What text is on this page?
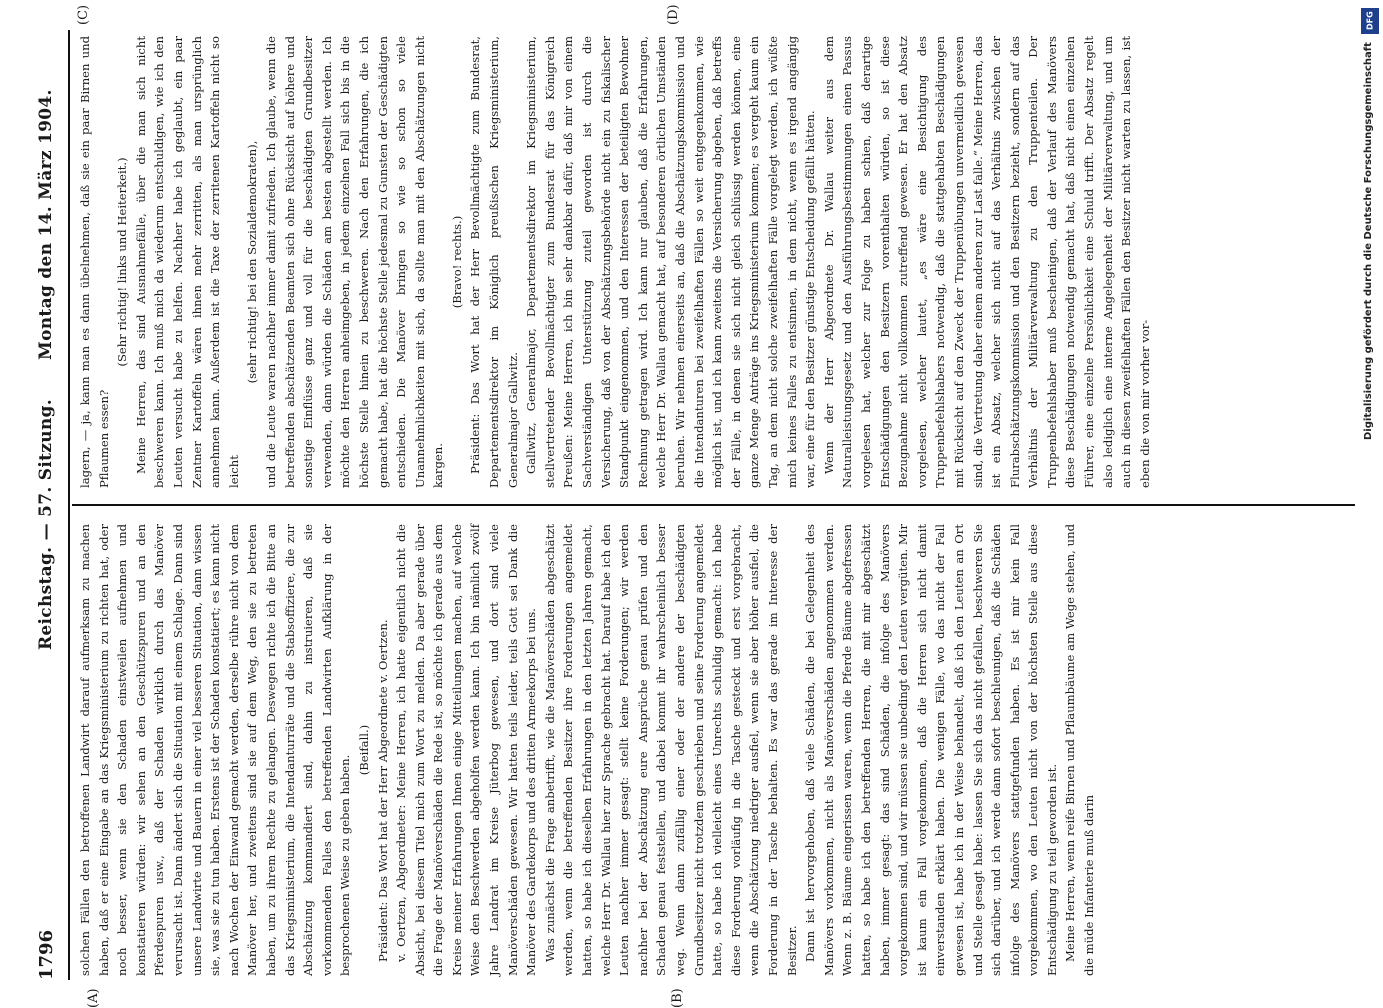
1796
Reichstag. — 57. Sitzung.
Montag den 14. März 1904.
(A)	(B)
(C)	(D)

solchen Fällen den betroffenen Landwirt darauf aufmerksam zu machen haben, daß er eine Eingabe an das Kriegsministerium zu richten hat, oder noch besser, wenn sie den Schaden einstweilen aufnehmen und konstatieren würden: wir sehen an den Geschützspuren und an den Pferdespuren usw., daß der Schaden wirklich durch das Manöver verursacht ist. Dann ändert sich die Situation mit einem Schlage. Dann sind unsere Landwirte und Bauern in einer viel besseren Situation, dann wissen sie, was sie zu tun haben. Erstens ist der Schaden konstatiert; es kann nicht nach Wochen der Einwand gemacht werden, derselbe rühre nicht von dem Manöver her, und zweitens sind sie auf dem Weg, den sie zu betreten haben, um zu ihrem Rechte zu gelangen. Deswegen richte ich die Bitte an das Kriegsministerium, die Intendanturräte und die Stabsoffiziere, die zur Abschätzung kommandiert sind, dahin zu instruieren, daß sie vorkommenden Falles den betreffenden Landwirten Aufklärung in der besprochenen Weise zu geben haben.

(Beifall.) Präsident: Das Wort hat der Herr Abgeordnete v. Oertzen. v. Oertzen, Abgeordneter: Meine Herren, ich hatte eigentlich nicht die Absicht, bei diesem Titel mich zum Wort zu melden. Da aber gerade über die Frage der Manöverschäden die Rede ist, so möchte ich gerade aus dem Kreise meiner Erfahrungen Ihnen einige Mitteilungen machen, auf welche Weise den Beschwerden abgeholfen werden kann. Ich bin nämlich zwölf Jahre Landrat im Kreise Jüterbog gewesen, und dort sind viele Manöverschäden gewesen. Wir hatten teils leider, teils Gott sei Dank die Manöver des Gardekorps und des dritten Armeekorps bei uns. Was zunächst die Frage anbetrifft, wie die Manöverschäden abgeschätzt werden, wenn die betreffenden Besitzer ihre Forderungen angemeldet hatten, so habe ich dieselben Erfahrungen in den letzten Jahren gemacht, welche Herr Dr. Wallau hier zur Sprache gebracht hat. Darauf habe ich den Leuten nachher immer gesagt: stellt keine Forderungen; wir werden nachher bei der Abschätzung eure Ansprüche genau prüfen und den Schaden genau feststellen, und dabei kommt ihr wahrscheinlich besser weg. Wenn dann zufällig einer oder der andere der beschädigten Grundbesitzer nicht trotzdem geschrieben und seine Forderung angemeldet hatte, so habe ich vielleicht eines Unrechts schuldig gemacht: ich habe diese Forderung vorläufig in die Tasche gesteckt und erst vorgebracht, wenn die Abschätzung niedriger ausfiel, wenn sie aber höher ausfiel, die Forderung in der Tasche behalten. Es war das gerade im Interesse der Besitzer. Dann ist hervorgehoben, daß viele Schäden, die bei Gelegenheit des Manövers vorkommen, nicht als Manöverschäden angenommen werden. Wenn z. B. Bäume eingerissen waren, wenn die Pferde Bäume abgefressen hatten, so habe ich den betreffenden Herren, die mit mir abgeschätzt haben, immer gesagt: das sind Schäden, die infolge des Manövers vorgekommen sind, und wir müssen sie unbedingt den Leuten vergüten. Mir ist kaum ein Fall vorgekommen, daß die Herren sich nicht damit einverstanden erklärt haben. Die wenigen Fälle, wo das nicht der Fall gewesen ist, habe ich in der Weise behandelt, daß ich den Leuten an Ort und Stelle gesagt habe: lassen Sie sich das nicht gefallen, beschweren Sie sich darüber, und ich werde dann sofort beschleunigen, daß die Schäden infolge des Manövers stattgefunden haben. Es ist mir kein Fall vorgekommen, wo den Leuten nicht von der höchsten Stelle aus diese Entschädigung zu teil geworden ist. Meine Herren, wenn reife Birnen und Pflaumbäume am Wege stehen, und die müde Infanterie muß darin

lagern, — ja, kann man es dann übelnehmen, daß sie ein paar Birnen und Pflaumen essen?

(Sehr richtig! links und Heiterkeit.) Meine Herren, das sind Ausnahmefälle, über die man sich nicht beschweren kann. Ich muß mich da wiederum entschuldigen, wie ich den Leuten versucht habe zu helfen. Nachher habe ich geglaubt, ein paar Zentner Kartoffeln wären ihnen mehr zerritten, als man ursprünglich annehmen kann. Außerdem ist die Taxe der zerritenen Kartoffeln nicht so leicht

(sehr richtig! bei den Sozialdemokraten), und die Leute waren nachher immer damit zufrieden. Ich glaube, wenn die betreffenden abschätzenden Beamten sich ohne Rücksicht auf höhere und sonstige Einflüsse ganz und voll für die beschädigten Grundbesitzer verwenden, dann würden die Schäden am besten abgestellt werden. Ich möchte den Herren anheimgeben, in jedem einzelnen Fall sich bis in die höchste Stelle hinein zu beschweren. Nach den Erfahrungen, die ich gemacht habe, hat die höchste Stelle jedesmal zu Gunsten der Geschädigten entschieden. Die Manöver bringen so wie so schon so viele Unannehmlichkeiten mit sich, da sollte man mit den Abschätzungen nicht kargen.

(Bravo! rechts.) Präsident: Das Wort hat der Herr Bevollmächtigte zum Bundesrat, Departementsdirektor im Königlich preußischen Kriegsministerium, Generalmajor Gallwitz. Gallwitz, Generalmajor, Departementsdirektor im Kriegsministerium, stellvertretender Bevollmächtigter zum Bundesrat für das Königreich Preußen: Meine Herren, ich bin sehr dankbar dafür, daß mir von einem Sachverständigen Unterstützung zuteil geworden ist durch die Versicherung, daß von der Abschätzungsbehörde nicht ein zu fiskalischer Standpunkt eingenommen, und den Interessen der beteiligten Bewohner Rechnung getragen wird. Ich kann nur glauben, daß die Erfahrungen, welche Herr Dr. Wallau gemacht hat, auf besonderen örtlichen Umständen beruhen. Wir nehmen einerseits an, daß die Abschätzungskommission und die Intendanturen bei zweifelhaften Fällen so weit entgegenkommen, wie möglich ist, und ich kann zweitens die Versicherung abgeben, daß betreffs der Fälle, in denen sie sich nicht gleich schlüssig werden können, eine ganze Menge Anträge ins Kriegsministerium kommen; es vergeht kaum ein Tag, an dem nicht solche zweifelhaften Fälle vorgelegt werden, ich wüßte mich keines Falles zu entsinnen, in dem nicht, wenn es irgend angängig war, eine für den Besitzer günstige Entscheidung gefällt hätten. Wenn der Herr Abgeordnete Dr. Wallau weiter aus dem Naturalleistungsgesetz und den Ausführungsbestimmungen einen Passus vorgelesen hat, welcher zur Folge zu haben schien, daß derartige Entschädigungen den Besitzern vorenthalten würden, so ist diese Bezugnahme nicht vollkommen zutreffend gewesen. Er hat den Absatz vorgelesen, welcher lautet, „es wäre eine Besichtigung des Truppenbefehlshabers notwendig, daß die stattgehabten Beschädigungen mit Rücksicht auf den Zweck der Truppenübungen unvermeidlich gewesen sind, die Vertretung daher einem anderen zur Last falle.“ Meine Herren, das ist ein Absatz, welcher sich nicht auf das Verhältnis zwischen der Flurabschätzungskommission und den Besitzern bezieht, sondern auf das Verhältnis der Militärverwaltung zu den Truppenteilen. Der Truppenbefehlshaber muß bescheinigen, daß der Verlauf des Manövers diese Beschädigungen notwendig gemacht hat, daß nicht einen einzelnen Führer, eine einzelne Persönlichkeit eine Schuld trifft. Der Absatz regelt also lediglich eine interne Angelegenheit der Militärverwaltung, und um auch in diesen zweifelhaften Fällen den Besitzer nicht warten zu lassen, ist eben die von mir vorher vor-

DFG
Digitalisierung gefördert durch die Deutsche Forschungsgemeinschaft
